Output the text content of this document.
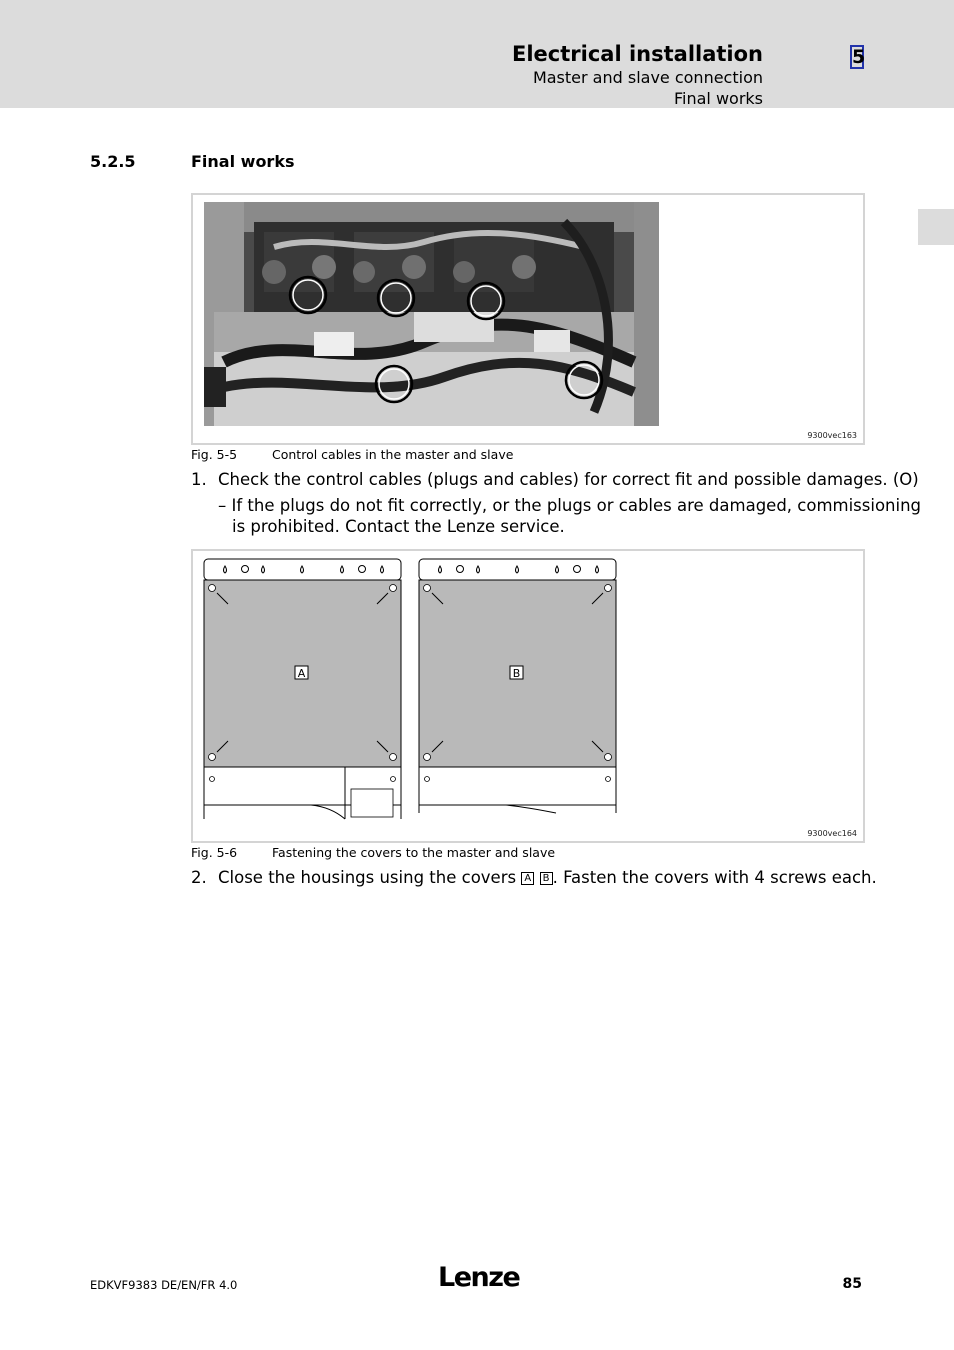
Electrical installation
Master and slave connection
Final works
5
5.2.5	Final works
9300vec163
Fig. 5-5	Control cables in the master and slave
1. Check the control cables (plugs and cables) for correct fit and possible damages. (O)
– If the plugs do not fit correctly, or the plugs or cables are damaged, commissioning
is prohibited. Contact the Lenze service.
A	B
9300vec164
Fig. 5-6	Fastening the covers to the master and slave
2. Close the housings using the covers A B . Fasten the covers with 4 screws each.
EDKVF9383 DE/EN/FR 4.0	Lenze	85
